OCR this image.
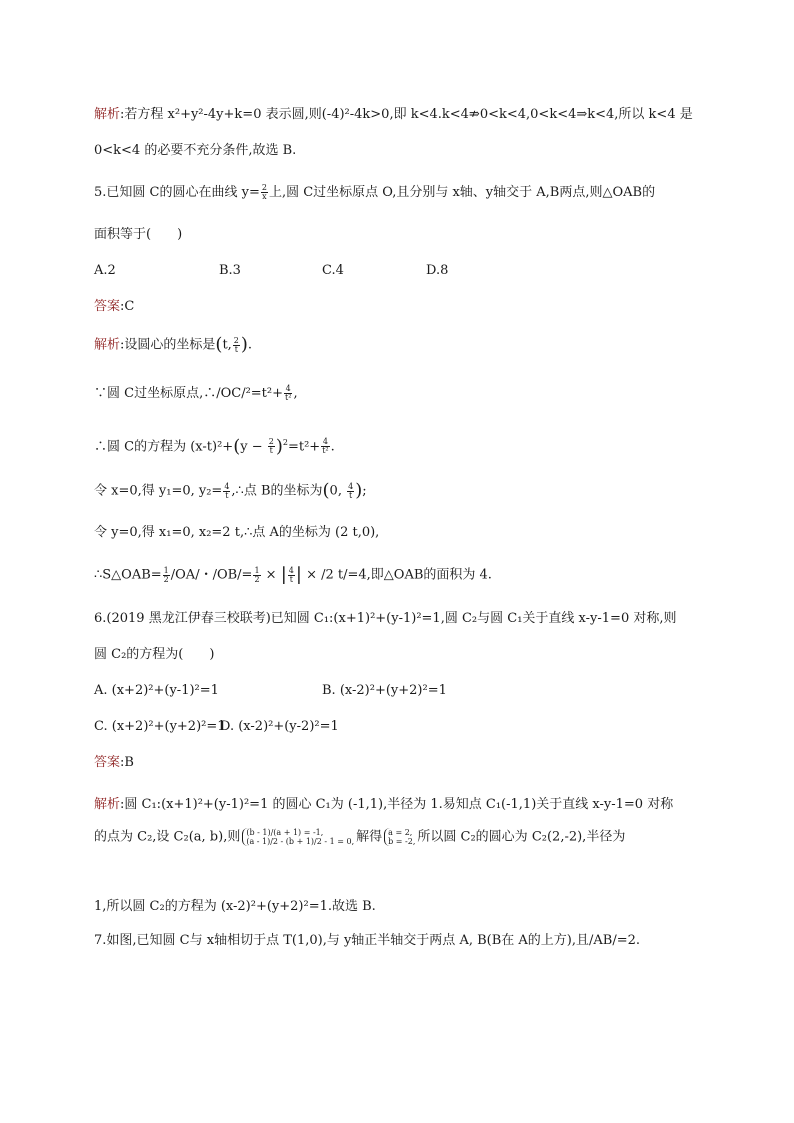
解析:若方程 x²+y²-4y+k=0 表示圆,则(-4)²-4k>0,即 k<4.k<4⇏0<k<4,0<k<4⇒k<4,所以 k<4 是
0<k<4 的必要不充分条件,故选 B.
5.已知圆 C的圆心在曲线 $y= \frac{2}{x}$ 上,圆 C过坐标原点 O,且分别与 x轴、y轴交于 A,B两点,则△OAB的
面积等于(　　)
A.2	B.3	C.4	D.8
答案:C
解析:设圆心的坐标是(t, $\frac{2}{t}$ ).
∵圆 C过坐标原点,∴/OC/²=t²+ $\frac{4}{\text{t²}}$ ,
∴圆 C的方程为 $(x-t)^2+(y - \frac{2}{t} )^2=t^2+ \frac{4}{\text{t²}}$ .
令 x=0,得 y₁=0, $y_2= \frac{4}{t}$ ,∴点 B的坐标为(0, $\frac{4}{t}$ );
令 y=0,得 x₁=0, x₂=2 t,∴点 A的坐标为 (2 t,0),
∴S△OAB= $\frac{1}{2} /OA/$・$/OB/= \frac{1}{2}$ × | $\frac{4}{t}$ | × /2 t/=4,即△OAB的面积为 4.
6.(2019 黑龙江伊春三校联考)已知圆 C₁:(x+1)²+(y-1)²=1,圆 C₂与圆 C₁关于直线 x-y-1=0 对称,则
圆 C₂的方程为(　　)
A. (x+2)²+(y-1)²=1	B. (x-2)²+(y+2)²=1
C. (x+2)²+(y+2)²=1
D. (x-2)²+(y-2)²=1
答案:B
解析:圆 C₁:(x+1)²+(y-1)²=1 的圆心 C₁为 (-1,1),半径为 1.易知点 C₁(-1,1)关于直线 x-y-1=0 对称
的点为 C₂,设 C₂(a, b),则 (b - 1)/(a + 1) = -1,
(a - 1)/2 - (b + 1)/2 - 1 = 0, 解得 a = 2,
b = -2, 所以圆 C₂的圆心为 C₂(2,-2),半径为
1,所以圆 C₂的方程为 (x-2)²+(y+2)²=1.故选 B.
7.如图,已知圆 C与 x轴相切于点 T(1,0),与 y轴正半轴交于两点 A, B(B在 A的上方),且/AB/=2.
